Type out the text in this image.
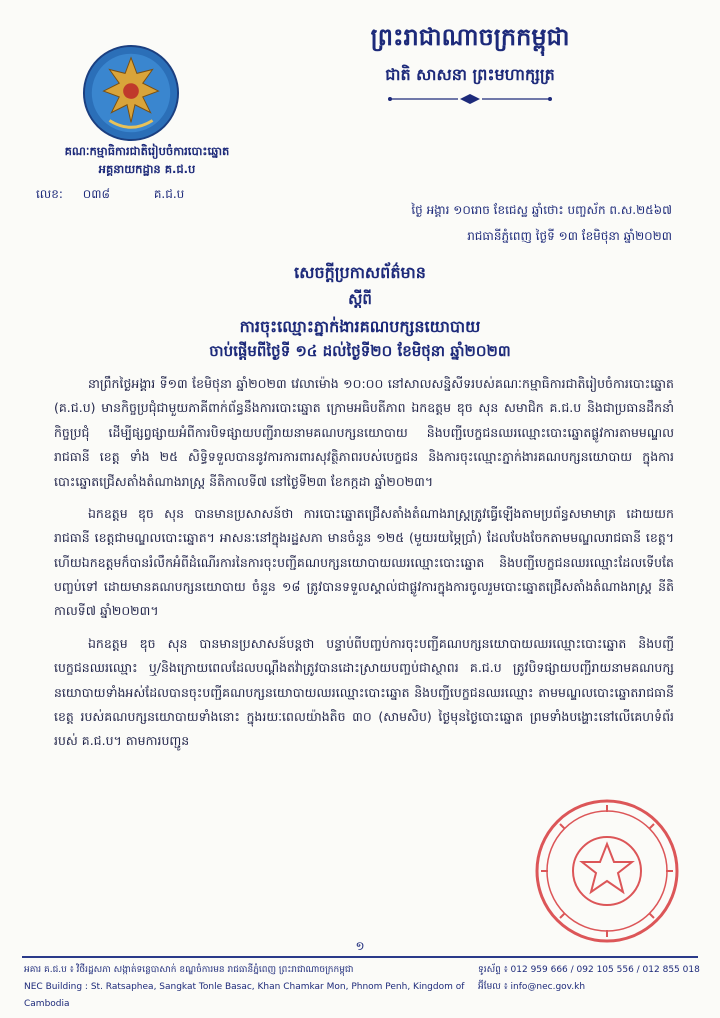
គណៈកម្មាធិការជាតិរៀបចំការបោះឆ្នោត
អគ្គនាយកដ្ឋាន គ.ជ.ប
លេខ: ០៣៨	គ.ជ.ប
ព្រះរាជាណាចក្រកម្ពុជា
ជាតិ សាសនា ព្រះមហាក្សត្រ
ថ្ងៃ អង្គារ ១០រោច ខែជេស្ឋ ឆ្នាំថោះ បញ្ចស័ក ព.ស.២៥៦៧
រាជធានីភ្នំពេញ ថ្ងៃទី ១៣ ខែមិថុនា ឆ្នាំ២០២៣
សេចក្ដីប្រកាសព័ត៌មាន
ស្ដីពី
ការចុះឈ្មោះភ្នាក់ងារគណបក្សនយោបាយ
ចាប់ផ្ដើមពីថ្ងៃទី ១៤ ដល់ថ្ងៃទី២០ ខែមិថុនា ឆ្នាំ២០២៣

នាព្រឹកថ្ងៃអង្គារ ទី១៣ ខែមិថុនា ឆ្នាំ២០២៣ វេលាម៉ោង ១០:០០ នៅសាលសន្និសីទរបស់គណៈកម្មាធិការជាតិរៀបចំការបោះឆ្នោត (គ.ជ.ប) មានកិច្ចប្រជុំជាមួយភាគីពាក់ព័ន្ធនឹងការបោះឆ្នោត ក្រោមអធិបតីភាព ឯកឧត្ដម ឌុច សុន សមាជិក គ.ជ.ប និងជាប្រធានដឹកនាំកិច្ចប្រជុំ ដើម្បីផ្សព្វផ្សាយអំពីការបិទផ្សាយបញ្ជីរាយនាមគណបក្សនយោបាយ និងបញ្ជីបេក្ខជនឈរឈ្មោះបោះឆ្នោតផ្លូវការតាមមណ្ឌលរាជធានី ខេត្ត ទាំង ២៥ សិទ្ធិទទួលបាននូវការការពារសុវត្ថិភាពរបស់បេក្ខជន និងការចុះឈ្មោះភ្នាក់ងារគណបក្សនយោបាយ ក្នុងការបោះឆ្នោតជ្រើសតាំងតំណាងរាស្ត្រ នីតិកាលទី៧ នៅថ្ងៃទី២៣ ខែកក្កដា ឆ្នាំ២០២៣។

ឯកឧត្ដម ឌុច សុន បានមានប្រសាសន៍ថា ការបោះឆ្នោតជ្រើសតាំងតំណាងរាស្ត្រត្រូវធ្វើឡើងតាមប្រព័ន្ធសមាមាត្រ ដោយយករាជធានី ខេត្តជាមណ្ឌលបោះឆ្នោត។ អាសនៈនៅក្នុងរដ្ឋសភា មានចំនួន ១២៥ (មួយរយម្ភៃប្រាំ) ដែលបែងចែកតាមមណ្ឌលរាជធានី ខេត្ត។ ហើយឯកឧត្ដមក៏បានរំលឹកអំពីដំណើរការនៃការចុះបញ្ជីគណបក្សនយោបាយឈរឈ្មោះបោះឆ្នោត និងបញ្ជីបេក្ខជនឈរឈ្មោះដែលទើបតែបញ្ចប់ទៅ ដោយមានគណបក្សនយោបាយ ចំនួន ១៨ ត្រូវបានទទួលស្គាល់ជាផ្លូវការក្នុងការចូលរួមបោះឆ្នោតជ្រើសតាំងតំណាងរាស្ត្រ នីតិកាលទី៧ ឆ្នាំ២០២៣។

ឯកឧត្ដម ឌុច សុន បានមានប្រសាសន៍បន្តថា បន្ទាប់ពីបញ្ចប់ការចុះបញ្ជីគណបក្សនយោបាយឈរឈ្មោះបោះឆ្នោត និងបញ្ជីបេក្ខជនឈរឈ្មោះ ឬ/និងក្រោយពេលដែលបណ្ដឹងតវ៉ាត្រូវបានដោះស្រាយបញ្ចប់ជាស្ថាពរ គ.ជ.ប ត្រូវបិទផ្សាយបញ្ជីរាយនាមគណបក្សនយោបាយទាំងអស់ដែលបានចុះបញ្ជីគណបក្សនយោបាយឈរឈ្មោះបោះឆ្នោត និងបញ្ជីបេក្ខជនឈរឈ្មោះ តាមមណ្ឌលបោះឆ្នោតរាជធានី ខេត្ត របស់គណបក្សនយោបាយទាំងនោះ ក្នុងរយៈពេលយ៉ាងតិច ៣០ (សាមសិប) ថ្ងៃមុនថ្ងៃបោះឆ្នោត ព្រមទាំងបង្ហោះនៅលើគេហទំព័ររបស់ គ.ជ.ប។ តាមការបញ្ជូន

១
អគារ គ.ជ.ប ៖ វិថីរដ្ឋសភា សង្កាត់ទន្លេបាសាក់ ខណ្ឌចំការមន រាជធានីភ្នំពេញ ព្រះរាជាណាចក្រកម្ពុជា
NEC Building : St. Ratsaphea, Sangkat Tonle Basac, Khan Chamkar Mon, Phnom Penh, Kingdom of Cambodia
ទូរស័ព្ទ ៖ 012 959 666 / 092 105 556 / 012 855 018
អ៊ីមែល ៖ info@nec.gov.kh
